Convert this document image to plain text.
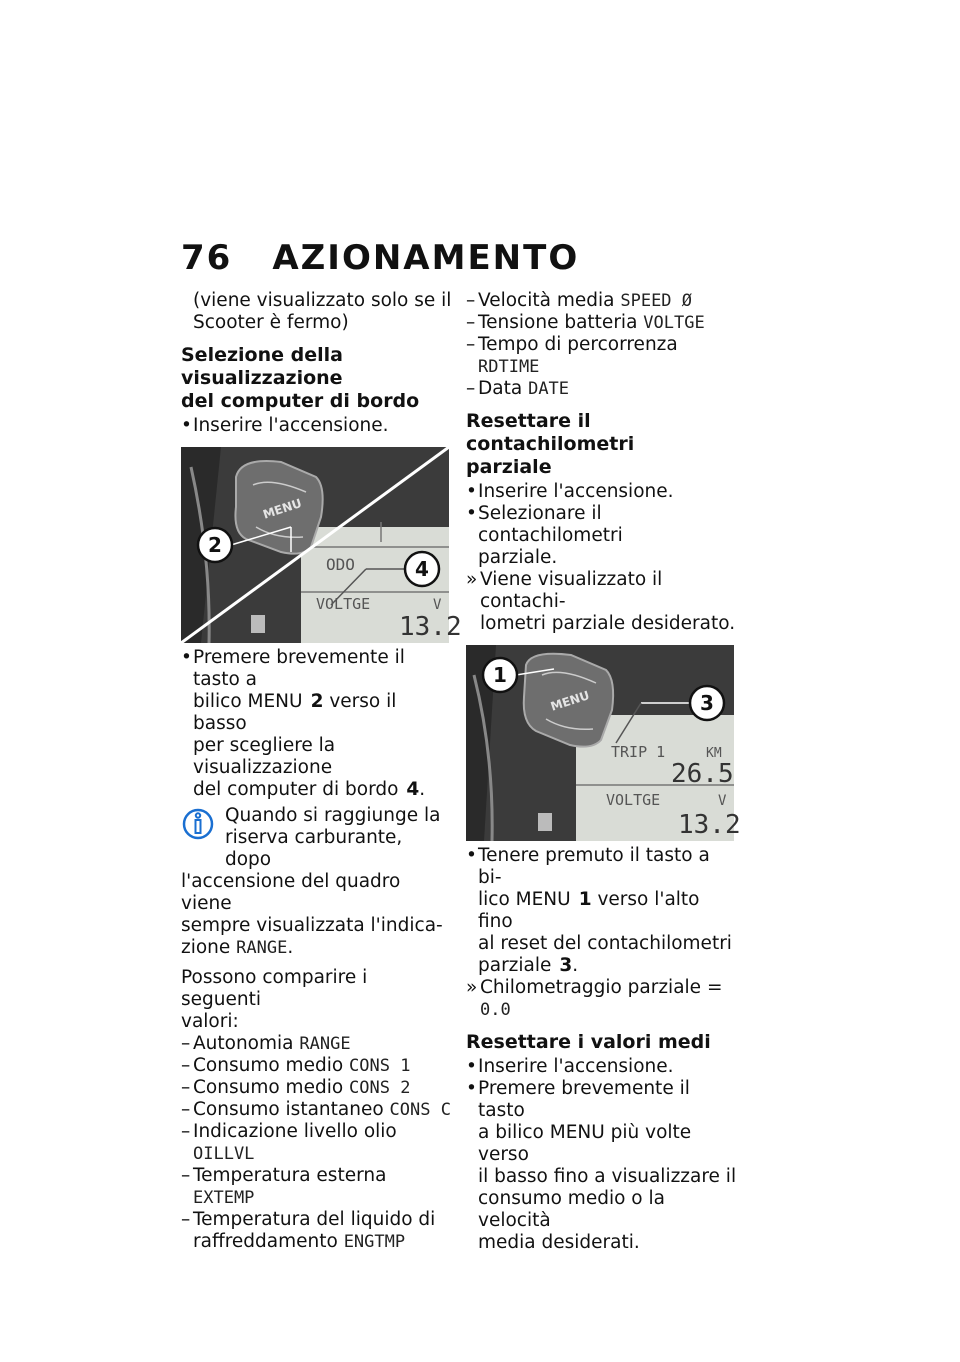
76 AZIONAMENTO
(viene visualizzato solo se il
Scooter è fermo)
Selezione della visualizzazione
del computer di bordo
• Inserire l'accensione.
ODO
VOLTGE	V
13.2
MENU
2
4
• Premere brevemente il tasto a
bilico MENU 2 verso il basso
per scegliere la visualizzazione
del computer di bordo 4.
Quando si raggiunge la
riserva carburante, dopo
l'accensione del quadro viene
sempre visualizzata l'indica-
zione RANGE.
Possono comparire i seguenti
valori:
– Autonomia RANGE
– Consumo medio CONS 1
– Consumo medio CONS 2
– Consumo istantaneo CONS C
– Indicazione livello olio
OILLVL
– Temperatura esterna
EXTEMP
– Temperatura del liquido di
raffreddamento ENGTMP
– Velocità media SPEED Ø
– Tensione batteria VOLTGE
– Tempo di percorrenza
RDTIME
– Data DATE
Resettare il contachilometri
parziale
• Inserire l'accensione.
• Selezionare il contachilometri
parziale.
» Viene visualizzato il contachi-
lometri parziale desiderato.
TRIP 1	KM
26.5
VOLTGE	V
13.2
MENU
1
3
• Tenere premuto il tasto a bi-
lico MENU 1 verso l'alto fino
al reset del contachilometri
parziale 3.
» Chilometraggio parziale =
0.0
Resettare i valori medi
• Inserire l'accensione.
• Premere brevemente il tasto
a bilico MENU più volte verso
il basso fino a visualizzare il
consumo medio o la velocità
media desiderati.
